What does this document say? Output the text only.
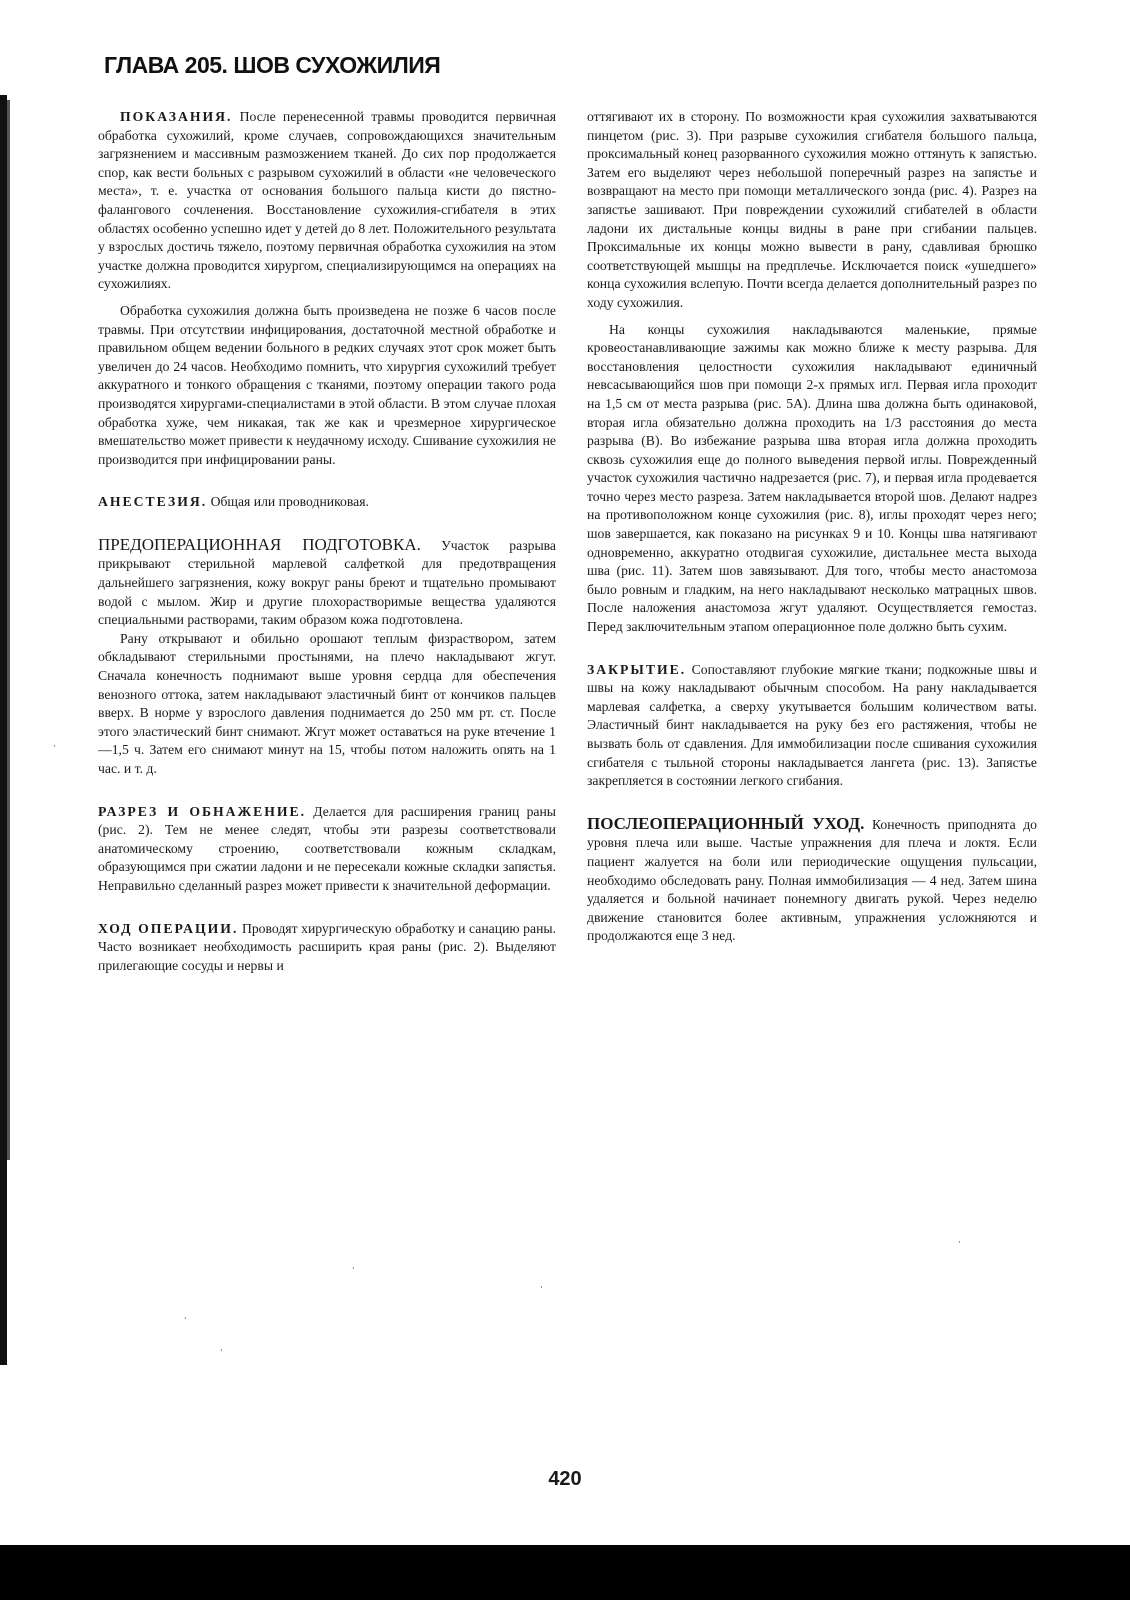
ГЛАВА 205. ШОВ СУХОЖИЛИЯ

ПОКАЗАНИЯ. После перенесенной травмы проводится первичная обработка сухожилий, кроме случаев, сопровождающихся значительным загрязнением и массивным размозжением тканей. До сих пор продолжается спор, как вести больных с разрывом сухожилий в области «не человеческого места», т. е. участка от основания большого пальца кисти до пястно-фалангового сочленения. Восстановление сухожилия-сгибателя в этих областях особенно успешно идет у детей до 8 лет. Положительного результата у взрослых достичь тяжело, поэтому первичная обработка сухожилия на этом участке должна проводится хирургом, специализирующимся на операциях на сухожилиях.

Обработка сухожилия должна быть произведена не позже 6 часов после травмы. При отсутствии инфицирования, достаточной местной обработке и правильном общем ведении больного в редких случаях этот срок может быть увеличен до 24 часов. Необходимо помнить, что хирургия сухожилий требует аккуратного и тонкого обращения с тканями, поэтому операции такого рода производятся хирургами-специалистами в этой области. В этом случае плохая обработка хуже, чем никакая, так же как и чрезмерное хирургическое вмешательство может привести к неудачному исходу. Сшивание сухожилия не производится при инфицировании раны.

АНЕСТЕЗИЯ. Общая или проводниковая.

ПРЕДОПЕРАЦИОННАЯ ПОДГОТОВКА. Участок разрыва прикрывают стерильной марлевой салфеткой для предотвращения дальнейшего загрязнения, кожу вокруг раны бреют и тщательно промывают водой с мылом. Жир и другие плохорастворимые вещества удаляются специальными растворами, таким образом кожа подготовлена.

Рану открывают и обильно орошают теплым физраствором, затем обкладывают стерильными простынями, на плечо накладывают жгут. Сначала конечность поднимают выше уровня сердца для обеспечения венозного оттока, затем накладывают эластичный бинт от кончиков пальцев вверх. В норме у взрослого давления поднимается до 250 мм рт. ст. После этого эластический бинт снимают. Жгут может оставаться на руке втечение 1—1,5 ч. Затем его снимают минут на 15, чтобы потом наложить опять на 1 час. и т. д.

РАЗРЕЗ И ОБНАЖЕНИЕ. Делается для расширения границ раны (рис. 2). Тем не менее следят, чтобы эти разрезы соответствовали анатомическому строению, соответствовали кожным складкам, образующимся при сжатии ладони и не пересекали кожные складки запястья. Неправильно сделанный разрез может привести к значительной деформации.

ХОД ОПЕРАЦИИ. Проводят хирургическую обработку и санацию раны. Часто возникает необходимость расширить края раны (рис. 2). Выделяют прилегающие сосуды и нервы и

оттягивают их в сторону. По возможности края сухожилия захватываются пинцетом (рис. 3). При разрыве сухожилия сгибателя большого пальца, проксимальный конец разорванного сухожилия можно оттянуть к запястью. Затем его выделяют через небольшой поперечный разрез на запястье и возвращают на место при помощи металлического зонда (рис. 4). Разрез на запястье зашивают. При повреждении сухожилий сгибателей в области ладони их дистальные концы видны в ране при сгибании пальцев. Проксимальные их концы можно вывести в рану, сдавливая брюшко соответствующей мышцы на предплечье. Исключается поиск «ушедшего» конца сухожилия вслепую. Почти всегда делается дополнительный разрез по ходу сухожилия.

На концы сухожилия накладываются маленькие, прямые кровеостанавливающие зажимы как можно ближе к месту разрыва. Для восстановления целостности сухожилия накладывают единичный невсасывающийся шов при помощи 2-х прямых игл. Первая игла проходит на 1,5 см от места разрыва (рис. 5А). Длина шва должна быть одинаковой, вторая игла обязательно должна проходить на 1/3 расстояния до места разрыва (В). Во избежание разрыва шва вторая игла должна проходить сквозь сухожилия еще до полного выведения первой иглы. Поврежденный участок сухожилия частично надрезается (рис. 7), и первая игла продевается точно через место разреза. Затем накладывается второй шов. Делают надрез на противоположном конце сухожилия (рис. 8), иглы проходят через него; шов завершается, как показано на рисунках 9 и 10. Концы шва натягивают одновременно, аккуратно отодвигая сухожилие, дистальнее места выхода шва (рис. 11). Затем шов завязывают. Для того, чтобы место анастомоза было ровным и гладким, на него накладывают несколько матрацных швов. После наложения анастомоза жгут удаляют. Осуществляется гемостаз. Перед заключительным этапом операционное поле должно быть сухим.

ЗАКРЫТИЕ. Сопоставляют глубокие мягкие ткани; подкожные швы и швы на кожу накладывают обычным способом. На рану накладывается марлевая салфетка, а сверху укутывается большим количеством ваты. Эластичный бинт накладывается на руку без его растяжения, чтобы не вызвать боль от сдавления. Для иммобилизации после сшивания сухожилия сгибателя с тыльной стороны накладывается лангета (рис. 13). Запястье закрепляется в состоянии легкого сгибания.

ПОСЛЕОПЕРАЦИОННЫЙ УХОД. Конечность приподнята до уровня плеча или выше. Частые упражнения для плеча и локтя. Если пациент жалуется на боли или периодические ощущения пульсации, необходимо обследовать рану. Полная иммобилизация — 4 нед. Затем шина удаляется и больной начинает понемногу двигать рукой. Через неделю движение становится более активным, упражнения усложняются и продолжаются еще 3 нед.

·
·
·
·
·
·
420
